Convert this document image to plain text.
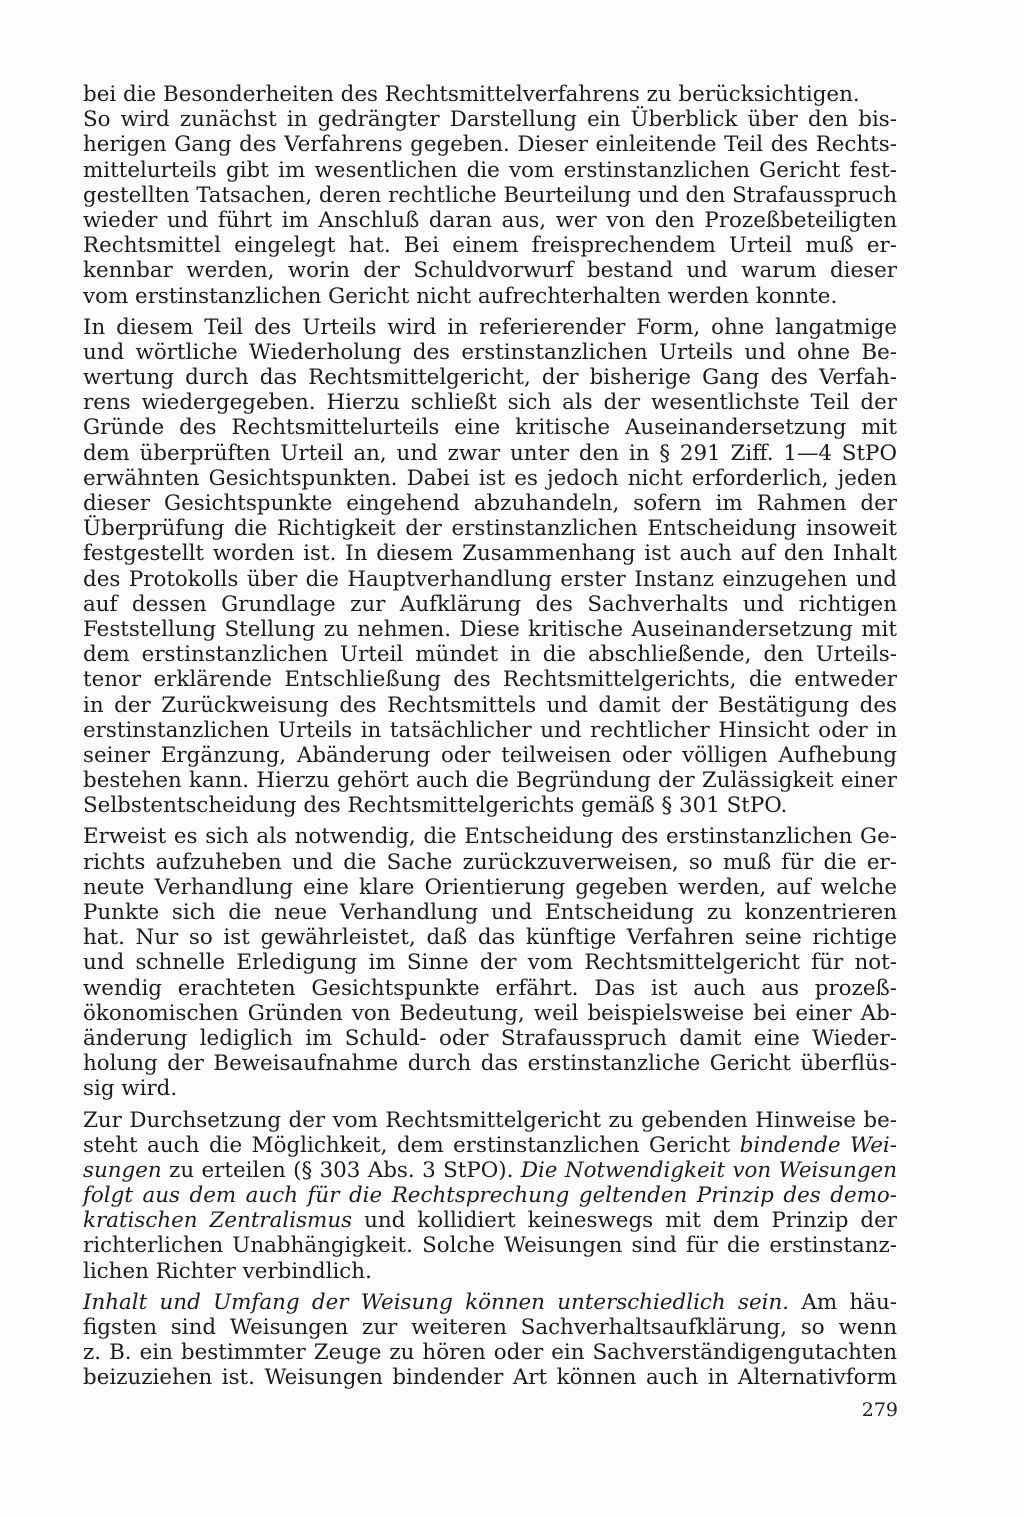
bei die Besonderheiten des Rechtsmittelverfahrens zu berücksichtigen.
So wird zunächst in gedrängter Darstellung ein Überblick über den bis-
herigen Gang des Verfahrens gegeben. Dieser einleitende Teil des Rechts-
mittelurteils gibt im wesentlichen die vom erstinstanzlichen Gericht fest-
gestellten Tatsachen, deren rechtliche Beurteilung und den Strafausspruch
wieder und führt im Anschluß daran aus, wer von den Prozeßbeteiligten
Rechtsmittel eingelegt hat. Bei einem freisprechendem Urteil muß er-
kennbar werden, worin der Schuldvorwurf bestand und warum dieser
vom erstinstanzlichen Gericht nicht aufrechterhalten werden konnte.
In diesem Teil des Urteils wird in referierender Form, ohne langatmige
und wörtliche Wiederholung des erstinstanzlichen Urteils und ohne Be-
wertung durch das Rechtsmittelgericht, der bisherige Gang des Verfah-
rens wiedergegeben. Hierzu schließt sich als der wesentlichste Teil der
Gründe des Rechtsmittelurteils eine kritische Auseinandersetzung mit
dem überprüften Urteil an, und zwar unter den in § 291 Ziff. 1—4 StPO
erwähnten Gesichtspunkten. Dabei ist es jedoch nicht erforderlich, jeden
dieser Gesichtspunkte eingehend abzuhandeln, sofern im Rahmen der
Überprüfung die Richtigkeit der erstinstanzlichen Entscheidung insoweit
festgestellt worden ist. In diesem Zusammenhang ist auch auf den Inhalt
des Protokolls über die Hauptverhandlung erster Instanz einzugehen und
auf dessen Grundlage zur Aufklärung des Sachverhalts und richtigen
Feststellung Stellung zu nehmen. Diese kritische Auseinandersetzung mit
dem erstinstanzlichen Urteil mündet in die abschließende, den Urteils-
tenor erklärende Entschließung des Rechtsmittelgerichts, die entweder
in der Zurückweisung des Rechtsmittels und damit der Bestätigung des
erstinstanzlichen Urteils in tatsächlicher und rechtlicher Hinsicht oder in
seiner Ergänzung, Abänderung oder teilweisen oder völligen Aufhebung
bestehen kann. Hierzu gehört auch die Begründung der Zulässigkeit einer
Selbstentscheidung des Rechtsmittelgerichts gemäß § 301 StPO.
Erweist es sich als notwendig, die Entscheidung des erstinstanzlichen Ge-
richts aufzuheben und die Sache zurückzuverweisen, so muß für die er-
neute Verhandlung eine klare Orientierung gegeben werden, auf welche
Punkte sich die neue Verhandlung und Entscheidung zu konzentrieren
hat. Nur so ist gewährleistet, daß das künftige Verfahren seine richtige
und schnelle Erledigung im Sinne der vom Rechtsmittelgericht für not-
wendig erachteten Gesichtspunkte erfährt. Das ist auch aus prozeß-
ökonomischen Gründen von Bedeutung, weil beispielsweise bei einer Ab-
änderung lediglich im Schuld- oder Strafausspruch damit eine Wieder-
holung der Beweisaufnahme durch das erstinstanzliche Gericht überflüs-
sig wird.
Zur Durchsetzung der vom Rechtsmittelgericht zu gebenden Hinweise be-
steht auch die Möglichkeit, dem erstinstanzlichen Gericht bindende Wei-
sungen zu erteilen (§ 303 Abs. 3 StPO). Die Notwendigkeit von Weisungen
folgt aus dem auch für die Rechtsprechung geltenden Prinzip des demo-
kratischen Zentralismus und kollidiert keineswegs mit dem Prinzip der
richterlichen Unabhängigkeit. Solche Weisungen sind für die erstinstanz-
lichen Richter verbindlich.
Inhalt und Umfang der Weisung können unterschiedlich sein. Am häu-
figsten sind Weisungen zur weiteren Sachverhaltsaufklärung, so wenn
z. B. ein bestimmter Zeuge zu hören oder ein Sachverständigengutachten
beizuziehen ist. Weisungen bindender Art können auch in Alternativform
279
